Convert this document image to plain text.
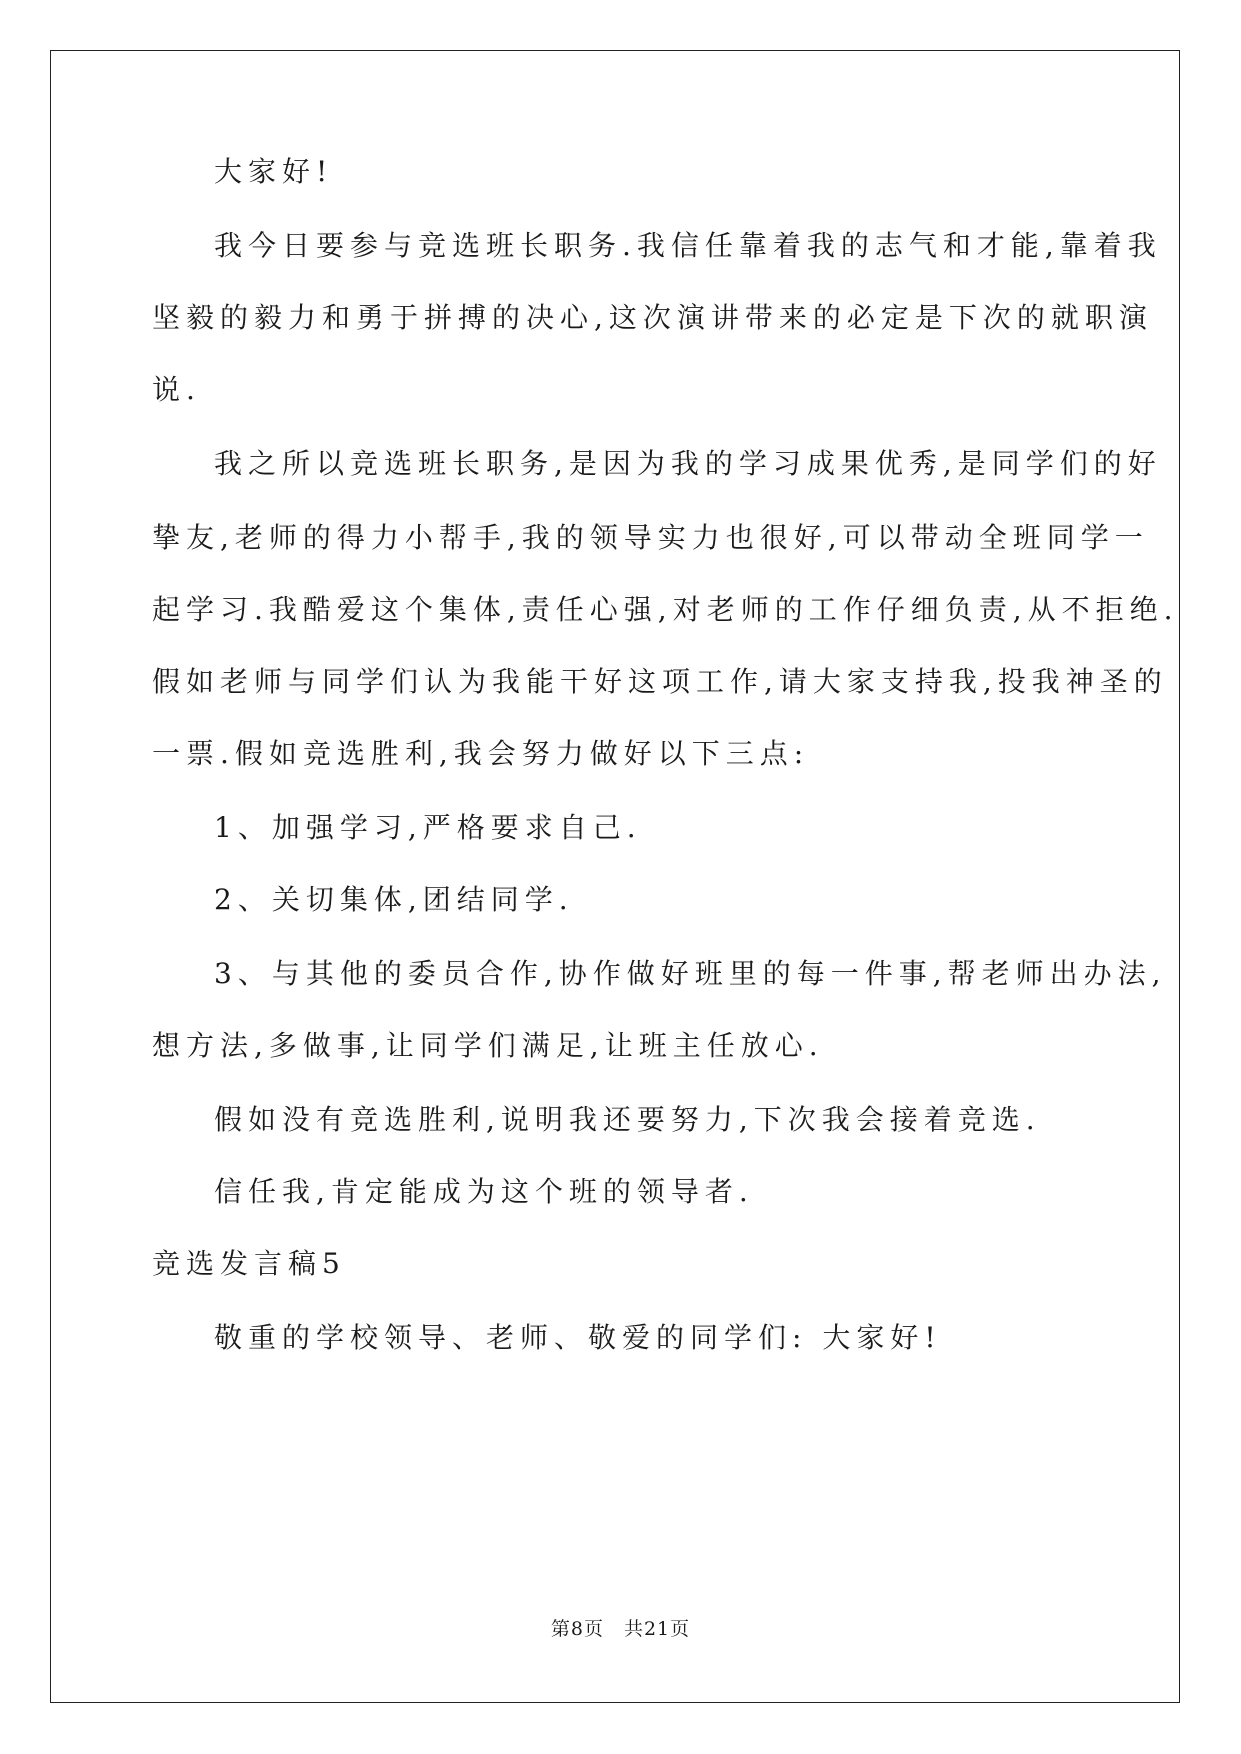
大家好!
我今日要参与竞选班长职务.我信任靠着我的志气和才能,靠着我
坚毅的毅力和勇于拼搏的决心,这次演讲带来的必定是下次的就职演
说.
我之所以竞选班长职务,是因为我的学习成果优秀,是同学们的好
挚友,老师的得力小帮手,我的领导实力也很好,可以带动全班同学一
起学习.我酷爱这个集体,责任心强,对老师的工作仔细负责,从不拒绝.
假如老师与同学们认为我能干好这项工作,请大家支持我,投我神圣的
一票.假如竞选胜利,我会努力做好以下三点:
1、加强学习,严格要求自己.
2、关切集体,团结同学.
3、与其他的委员合作,协作做好班里的每一件事,帮老师出办法,
想方法,多做事,让同学们满足,让班主任放心.
假如没有竞选胜利,说明我还要努力,下次我会接着竞选.
信任我,肯定能成为这个班的领导者.
竞选发言稿5
敬重的学校领导、老师、敬爱的同学们: 大家好!
第8页 共21页
